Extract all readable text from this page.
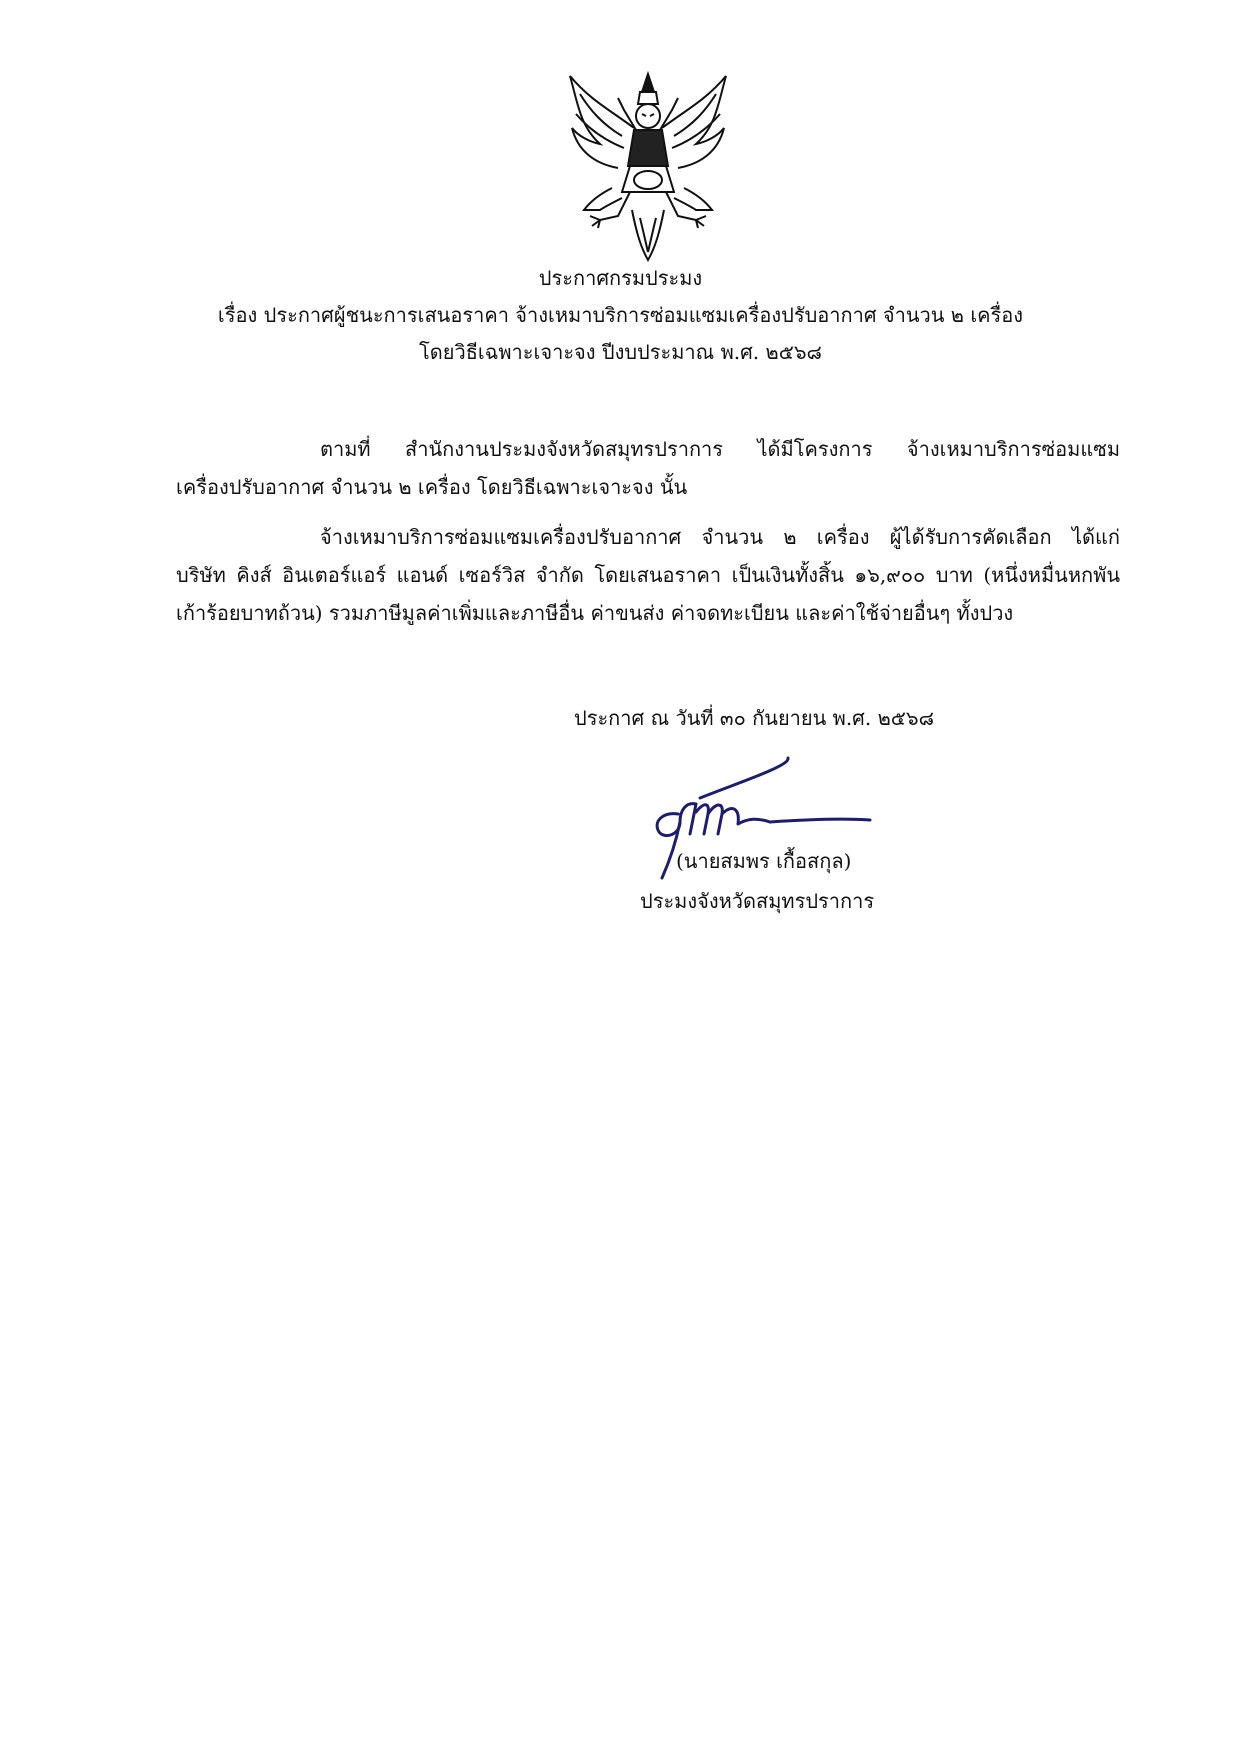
ประกาศกรมประมง
เรื่อง ประกาศผู้ชนะการเสนอราคา จ้างเหมาบริการซ่อมแซมเครื่องปรับอากาศ จำนวน ๒ เครื่อง
โดยวิธีเฉพาะเจาะจง ปีงบประมาณ พ.ศ. ๒๕๖๘
ตามที่ สำนักงานประมงจังหวัดสมุทรปราการ ได้มีโครงการ จ้างเหมาบริการซ่อมแซม
เครื่องปรับอากาศ จำนวน ๒ เครื่อง โดยวิธีเฉพาะเจาะจง นั้น
จ้างเหมาบริการซ่อมแซมเครื่องปรับอากาศ จำนวน ๒ เครื่อง ผู้ได้รับการคัดเลือก ได้แก่
บริษัท คิงส์ อินเตอร์แอร์ แอนด์ เซอร์วิส จำกัด โดยเสนอราคา เป็นเงินทั้งสิ้น ๑๖,๙๐๐ บาท (หนึ่งหมื่นหกพัน
เก้าร้อยบาทถ้วน) รวมภาษีมูลค่าเพิ่มและภาษีอื่น ค่าขนส่ง ค่าจดทะเบียน และค่าใช้จ่ายอื่นๆ ทั้งปวง
ประกาศ ณ วันที่ ๓๐ กันยายน พ.ศ. ๒๕๖๘
(นายสมพร เกื้อสกุล)
ประมงจังหวัดสมุทรปราการ
